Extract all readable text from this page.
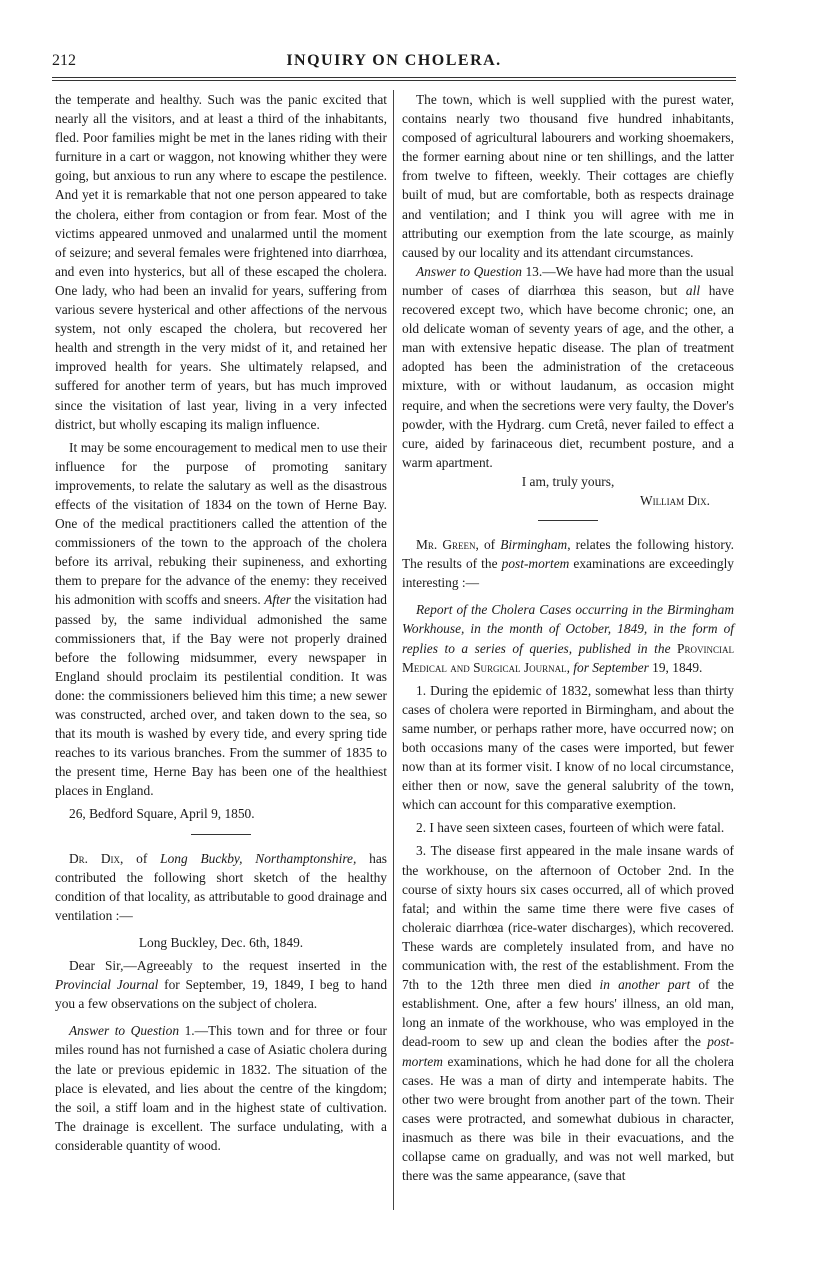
212	INQUIRY ON CHOLERA.

the temperate and healthy. Such was the panic excited that nearly all the visitors, and at least a third of the inhabitants, fled. Poor families might be met in the lanes riding with their furniture in a cart or waggon, not knowing whither they were going, but anxious to run any where to escape the pestilence. And yet it is remarkable that not one person appeared to take the cholera, either from contagion or from fear. Most of the victims appeared unmoved and unalarmed until the moment of seizure; and several females were frightened into diarrhœa, and even into hysterics, but all of these escaped the cholera. One lady, who had been an invalid for years, suffering from various severe hysterical and other affections of the nervous system, not only escaped the cholera, but recovered her health and strength in the very midst of it, and retained her improved health for years. She ultimately relapsed, and suffered for another term of years, but has much improved since the visitation of last year, living in a very infected district, but wholly escaping its malign influence.

It may be some encouragement to medical men to use their influence for the purpose of promoting sanitary improvements, to relate the salutary as well as the disastrous effects of the visitation of 1834 on the town of Herne Bay. One of the medical practitioners called the attention of the commissioners of the town to the approach of the cholera before its arrival, rebuking their supineness, and exhorting them to prepare for the advance of the enemy: they received his admonition with scoffs and sneers. After the visitation had passed by, the same individual admonished the same commissioners that, if the Bay were not properly drained before the following midsummer, every newspaper in England should proclaim its pestilential condition. It was done: the commissioners believed him this time; a new sewer was constructed, arched over, and taken down to the sea, so that its mouth is washed by every tide, and every spring tide reaches to its various branches. From the summer of 1835 to the present time, Herne Bay has been one of the healthiest places in England.

26, Bedford Square, April 9, 1850.

Dr. Dix, of Long Buckby, Northamptonshire, has contributed the following short sketch of the healthy condition of that locality, as attributable to good drainage and ventilation :—

Long Buckley, Dec. 6th, 1849.

Dear Sir,—Agreeably to the request inserted in the Provincial Journal for September, 19, 1849, I beg to hand you a few observations on the subject of cholera.

Answer to Question 1.—This town and for three or four miles round has not furnished a case of Asiatic cholera during the late or previous epidemic in 1832. The situation of the place is elevated, and lies about the centre of the kingdom; the soil, a stiff loam and in the highest state of cultivation. The drainage is excellent. The surface undulating, with a considerable quantity of wood.

The town, which is well supplied with the purest water, contains nearly two thousand five hundred inhabitants, composed of agricultural labourers and working shoemakers, the former earning about nine or ten shillings, and the latter from twelve to fifteen, weekly. Their cottages are chiefly built of mud, but are comfortable, both as respects drainage and ventilation; and I think you will agree with me in attributing our exemption from the late scourge, as mainly caused by our locality and its attendant circumstances.

Answer to Question 13.—We have had more than the usual number of cases of diarrhœa this season, but all have recovered except two, which have become chronic; one, an old delicate woman of seventy years of age, and the other, a man with extensive hepatic disease. The plan of treatment adopted has been the administration of the cretaceous mixture, with or without laudanum, as occasion might require, and when the secretions were very faulty, the Dover's powder, with the Hydrarg. cum Cretâ, never failed to effect a cure, aided by farinaceous diet, recumbent posture, and a warm apartment.

I am, truly yours,

William Dix.

Mr. Green, of Birmingham, relates the following history. The results of the post-mortem examinations are exceedingly interesting :—

Report of the Cholera Cases occurring in the Birmingham Workhouse, in the month of October, 1849, in the form of replies to a series of queries, published in the Provincial Medical and Surgical Journal, for September 19, 1849.

1. During the epidemic of 1832, somewhat less than thirty cases of cholera were reported in Birmingham, and about the same number, or perhaps rather more, have occurred now; on both occasions many of the cases were imported, but fewer now than at its former visit. I know of no local circumstance, either then or now, save the general salubrity of the town, which can account for this comparative exemption.

2. I have seen sixteen cases, fourteen of which were fatal.

3. The disease first appeared in the male insane wards of the workhouse, on the afternoon of October 2nd. In the course of sixty hours six cases occurred, all of which proved fatal; and within the same time there were five cases of choleraic diarrhœa (rice-water discharges), which recovered. These wards are completely insulated from, and have no communication with, the rest of the establishment. From the 7th to the 12th three men died in another part of the establishment. One, after a few hours' illness, an old man, long an inmate of the workhouse, who was employed in the dead-room to sew up and clean the bodies after the post-mortem examinations, which he had done for all the cholera cases. He was a man of dirty and intemperate habits. The other two were brought from another part of the town. Their cases were protracted, and somewhat dubious in character, inasmuch as there was bile in their evacuations, and the collapse came on gradually, and was not well marked, but there was the same appearance, (save that
